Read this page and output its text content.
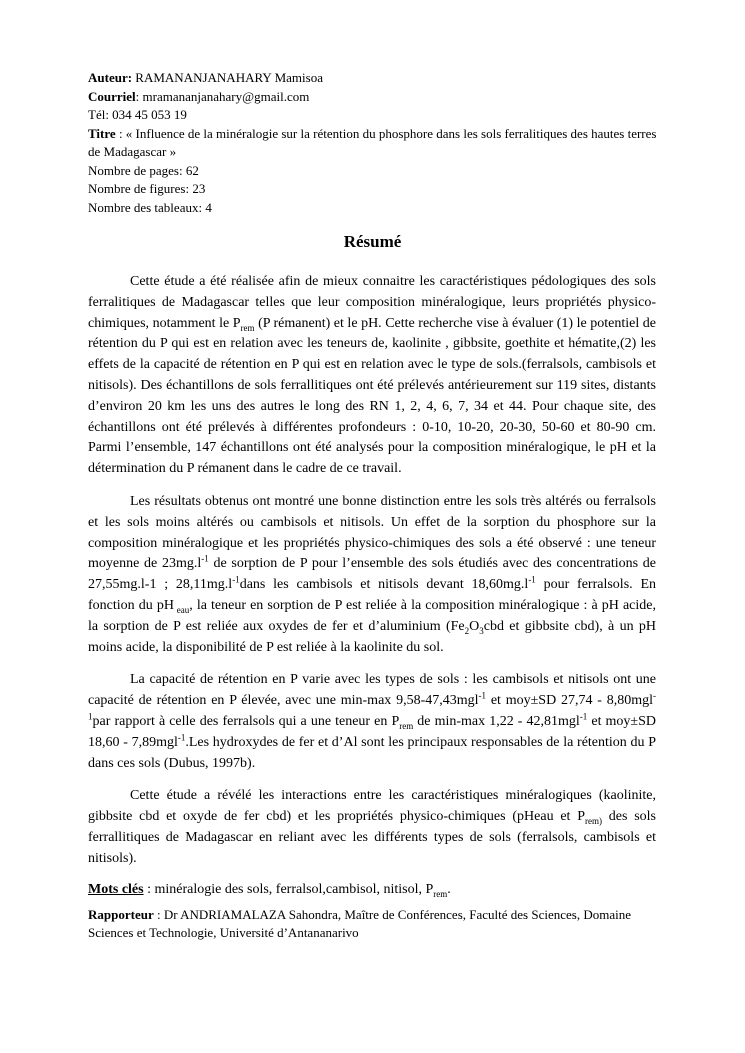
Auteur: RAMANANJANAHARY Mamisoa
Courriel: mramananjanahary@gmail.com
Tél: 034 45 053 19
Titre : « Influence de la minéralogie sur la rétention du phosphore dans les sols ferralitiques des hautes terres de Madagascar »
Nombre de pages: 62
Nombre de figures: 23
Nombre des tableaux: 4
Résumé

Cette étude a été réalisée afin de mieux connaitre les caractéristiques pédologiques des sols ferralitiques de Madagascar telles que leur composition minéralogique, leurs propriétés physico-chimiques, notamment le $P_{rem}$ (P rémanent) et le pH. Cette recherche vise à évaluer (1) le potentiel de rétention du P qui est en relation avec les teneurs de, kaolinite , gibbsite, goethite et hématite,(2) les effets de la capacité de rétention en P qui est en relation avec le type de sols.(ferralsols, cambisols et nitisols). Des échantillons de sols ferrallitiques ont été prélevés antérieurement sur 119 sites, distants d’environ 20 km les uns des autres le long des RN 1, 2, 4, 6, 7, 34 et 44. Pour chaque site, des échantillons ont été prélevés à différentes profondeurs : 0-10, 10-20, 20-30, 50-60 et 80-90 cm. Parmi l’ensemble, 147 échantillons ont été analysés pour la composition minéralogique, le pH et la détermination du P rémanent dans le cadre de ce travail.

Les résultats obtenus ont montré une bonne distinction entre les sols très altérés ou ferralsols et les sols moins altérés ou cambisols et nitisols. Un effet de la sorption du phosphore sur la composition minéralogique et les propriétés physico-chimiques des sols a été observé : une teneur moyenne de $23mg.l^{-1}$ de sorption de P pour l’ensemble des sols étudiés avec des concentrations de 27,55mg.l-1 ; $28,11mg.l^{-1}dans$ les cambisols et nitisols devant $18,60mg.l^{-1}$ pour ferralsols. En fonction du pH $_{eau}$, la teneur en sorption de P est reliée à la composition minéralogique : à pH acide, la sorption de P est reliée aux oxydes de fer et d’aluminium ($Fe_2O_3cbd$ et gibbsite cbd), à un pH moins acide, la disponibilité de P est reliée à la kaolinite du sol.

La capacité de rétention en P varie avec les types de sols : les cambisols et nitisols ont une capacité de rétention en P élevée, avec une min-max 9,58-47,43mgl$^{-1}$ et moy±SD 27,74 - 8,80mgl$^{-1}$par rapport à celle des ferralsols qui a une teneur en $P_{rem}$ de min-max 1,22 - 42,81mgl$^{-1}$ et moy±SD 18,60 - 7,89mgl$^{-1}$.Les hydroxydes de fer et d’Al sont les principaux responsables de la rétention du P dans ces sols (Dubus, 1997b).

Cette étude a révélé les interactions entre les caractéristiques minéralogiques (kaolinite, gibbsite cbd et oxyde de fer cbd) et les propriétés physico-chimiques (pHeau et $P_{rem)}$ des sols ferrallitiques de Madagascar en reliant avec les différents types de sols (ferralsols, cambisols et nitisols).

Mots clés : minéralogie des sols, ferralsol,cambisol, nitisol, $P_{rem}$.
Rapporteur : Dr ANDRIAMALAZA Sahondra, Maître de Conférences, Faculté des Sciences, Domaine Sciences et Technologie, Université d’Antananarivo
